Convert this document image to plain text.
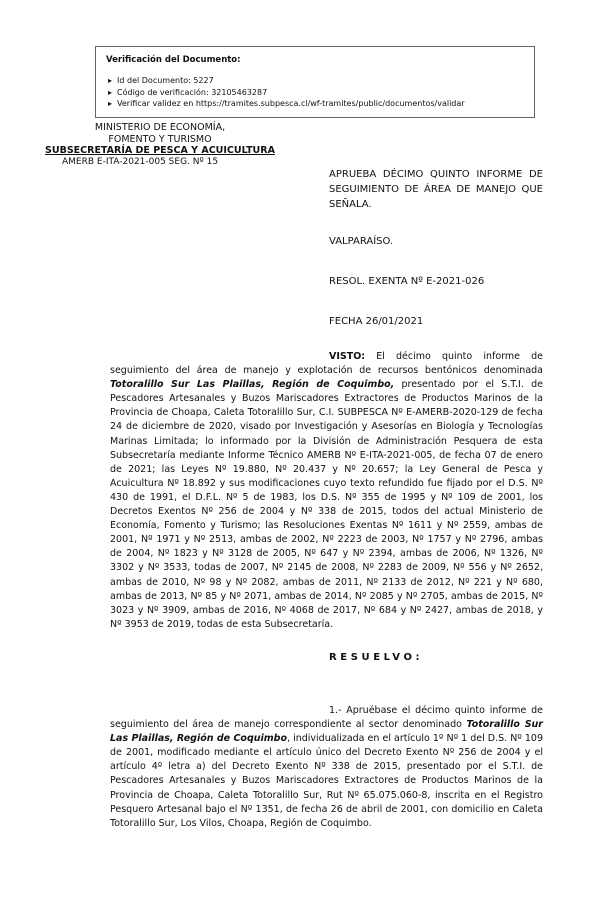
Verificación del Documento:
▸ Id del Documento: 5227
▸ Código de verificación: 32105463287
▸ Verificar validez en https://tramites.subpesca.cl/wf-tramites/public/documentos/validar
MINISTERIO DE ECONOMÍA,
FOMENTO Y TURISMO
SUBSECRETARÍA DE PESCA Y ACUICULTURA
AMERB E-ITA-2021-005 SEG. Nº 15
APRUEBA DÉCIMO QUINTO INFORME DE SEGUIMIENTO DE ÁREA DE MANEJO QUE SEÑALA.
VALPARAÍSO.
RESOL. EXENTA Nº E-2021-026
FECHA 26/01/2021
VISTO: El décimo quinto informe de seguimiento del área de manejo y explotación de recursos bentónicos denominada Totoralillo Sur Las Plaillas, Región de Coquimbo, presentado por el S.T.I. de Pescadores Artesanales y Buzos Mariscadores Extractores de Productos Marinos de la Provincia de Choapa, Caleta Totoralillo Sur, C.I. SUBPESCA Nº E-AMERB-2020-129 de fecha 24 de diciembre de 2020, visado por Investigación y Asesorías en Biología y Tecnologías Marinas Limitada; lo informado por la División de Administración Pesquera de esta Subsecretaría mediante Informe Técnico AMERB Nº E-ITA-2021-005, de fecha 07 de enero de 2021; las Leyes Nº 19.880, Nº 20.437 y Nº 20.657; la Ley General de Pesca y Acuicultura Nº 18.892 y sus modificaciones cuyo texto refundido fue fijado por el D.S. Nº 430 de 1991, el D.F.L. Nº 5 de 1983, los D.S. Nº 355 de 1995 y Nº 109 de 2001, los Decretos Exentos Nº 256 de 2004 y Nº 338 de 2015, todos del actual Ministerio de Economía, Fomento y Turismo; las Resoluciones Exentas Nº 1611 y Nº 2559, ambas de 2001, Nº 1971 y Nº 2513, ambas de 2002, Nº 2223 de 2003, Nº 1757 y Nº 2796, ambas de 2004, Nº 1823 y Nº 3128 de 2005, Nº 647 y Nº 2394, ambas de 2006, Nº 1326, Nº 3302 y Nº 3533, todas de 2007, Nº 2145 de 2008, Nº 2283 de 2009, Nº 556 y Nº 2652, ambas de 2010, Nº 98 y Nº 2082, ambas de 2011, Nº 2133 de 2012, Nº 221 y Nº 680, ambas de 2013, Nº 85 y Nº 2071, ambas de 2014, Nº 2085 y Nº 2705, ambas de 2015, Nº 3023 y Nº 3909, ambas de 2016, Nº 4068 de 2017, Nº 684 y Nº 2427, ambas de 2018, y Nº 3953 de 2019, todas de esta Subsecretaría.
RESUELVO:
1.- Apruébase el décimo quinto informe de seguimiento del área de manejo correspondiente al sector denominado Totoralillo Sur Las Plaillas, Región de Coquimbo, individualizada en el artículo 1º Nº 1 del D.S. Nº 109 de 2001, modificado mediante el artículo único del Decreto Exento Nº 256 de 2004 y el artículo 4º letra a) del Decreto Exento Nº 338 de 2015, presentado por el S.T.I. de Pescadores Artesanales y Buzos Mariscadores Extractores de Productos Marinos de la Provincia de Choapa, Caleta Totoralillo Sur, Rut Nº 65.075.060-8, inscrita en el Registro Pesquero Artesanal bajo el Nº 1351, de fecha 26 de abril de 2001, con domicilio en Caleta Totoralillo Sur, Los Vilos, Choapa, Región de Coquimbo.
